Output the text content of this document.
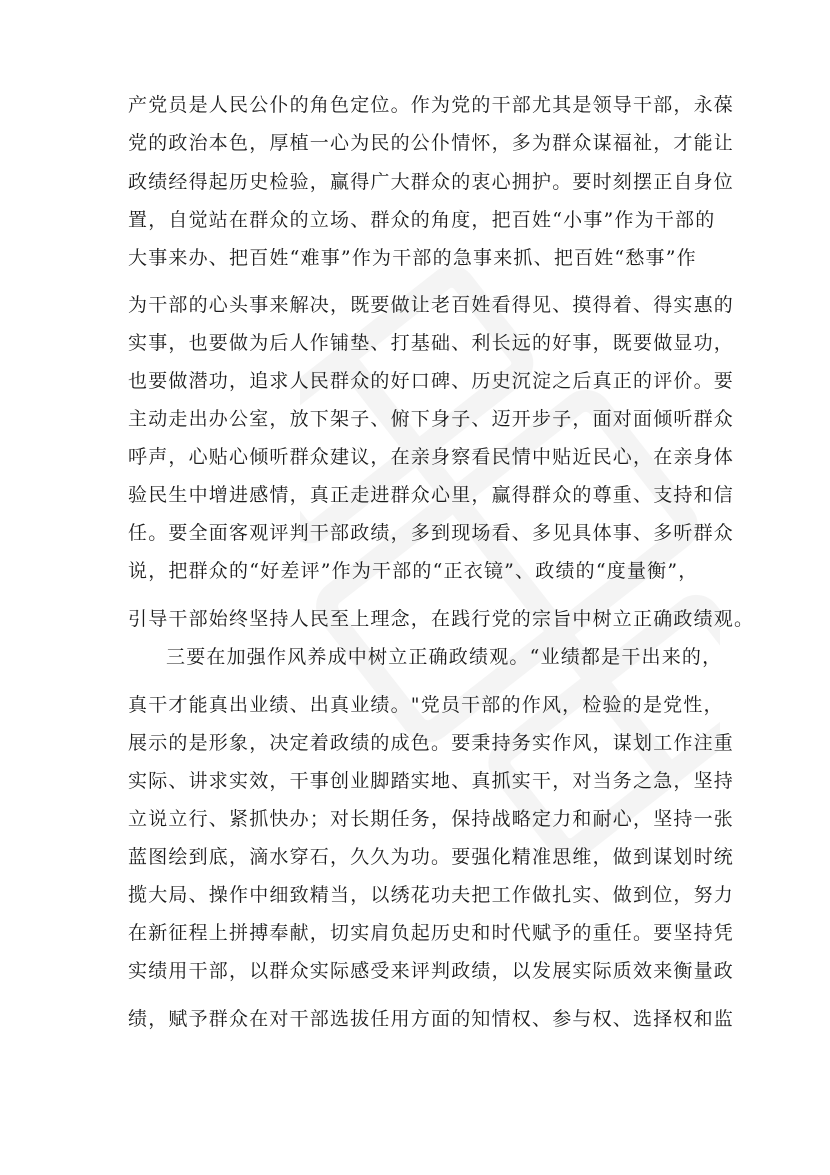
产党员是人民公仆的角色定位。作为党的干部尤其是领导干部，永葆
党的政治本色，厚植一心为民的公仆情怀，多为群众谋福祉，才能让
政绩经得起历史检验，赢得广大群众的衷心拥护。要时刻摆正自身位
置，自觉站在群众的立场、群众的角度，把百姓“小事”作为干部的
大事来办、把百姓“难事”作为干部的急事来抓、把百姓“愁事”作
为干部的心头事来解决，既要做让老百姓看得见、摸得着、得实惠的
实事，也要做为后人作铺垫、打基础、利长远的好事，既要做显功，
也要做潜功，追求人民群众的好口碑、历史沉淀之后真正的评价。要
主动走出办公室，放下架子、俯下身子、迈开步子，面对面倾听群众
呼声，心贴心倾听群众建议，在亲身察看民情中贴近民心，在亲身体
验民生中增进感情，真正走进群众心里，赢得群众的尊重、支持和信
任。要全面客观评判干部政绩，多到现场看、多见具体事、多听群众
说，把群众的“好差评”作为干部的“正衣镜”、政绩的“度量衡”，
引导干部始终坚持人民至上理念，在践行党的宗旨中树立正确政绩观。
三要在加强作风养成中树立正确政绩观。“业绩都是干出来的，
真干才能真出业绩、出真业绩。"党员干部的作风，检验的是党性，
展示的是形象，决定着政绩的成色。要秉持务实作风，谋划工作注重
实际、讲求实效，干事创业脚踏实地、真抓实干，对当务之急，坚持
立说立行、紧抓快办；对长期任务，保持战略定力和耐心，坚持一张
蓝图绘到底，滴水穿石，久久为功。要强化精准思维，做到谋划时统
揽大局、操作中细致精当，以绣花功夫把工作做扎实、做到位，努力
在新征程上拼搏奉献，切实肩负起历史和时代赋予的重任。要坚持凭
实绩用干部，以群众实际感受来评判政绩，以发展实际质效来衡量政
绩，赋予群众在对干部选拔任用方面的知情权、参与权、选择权和监
